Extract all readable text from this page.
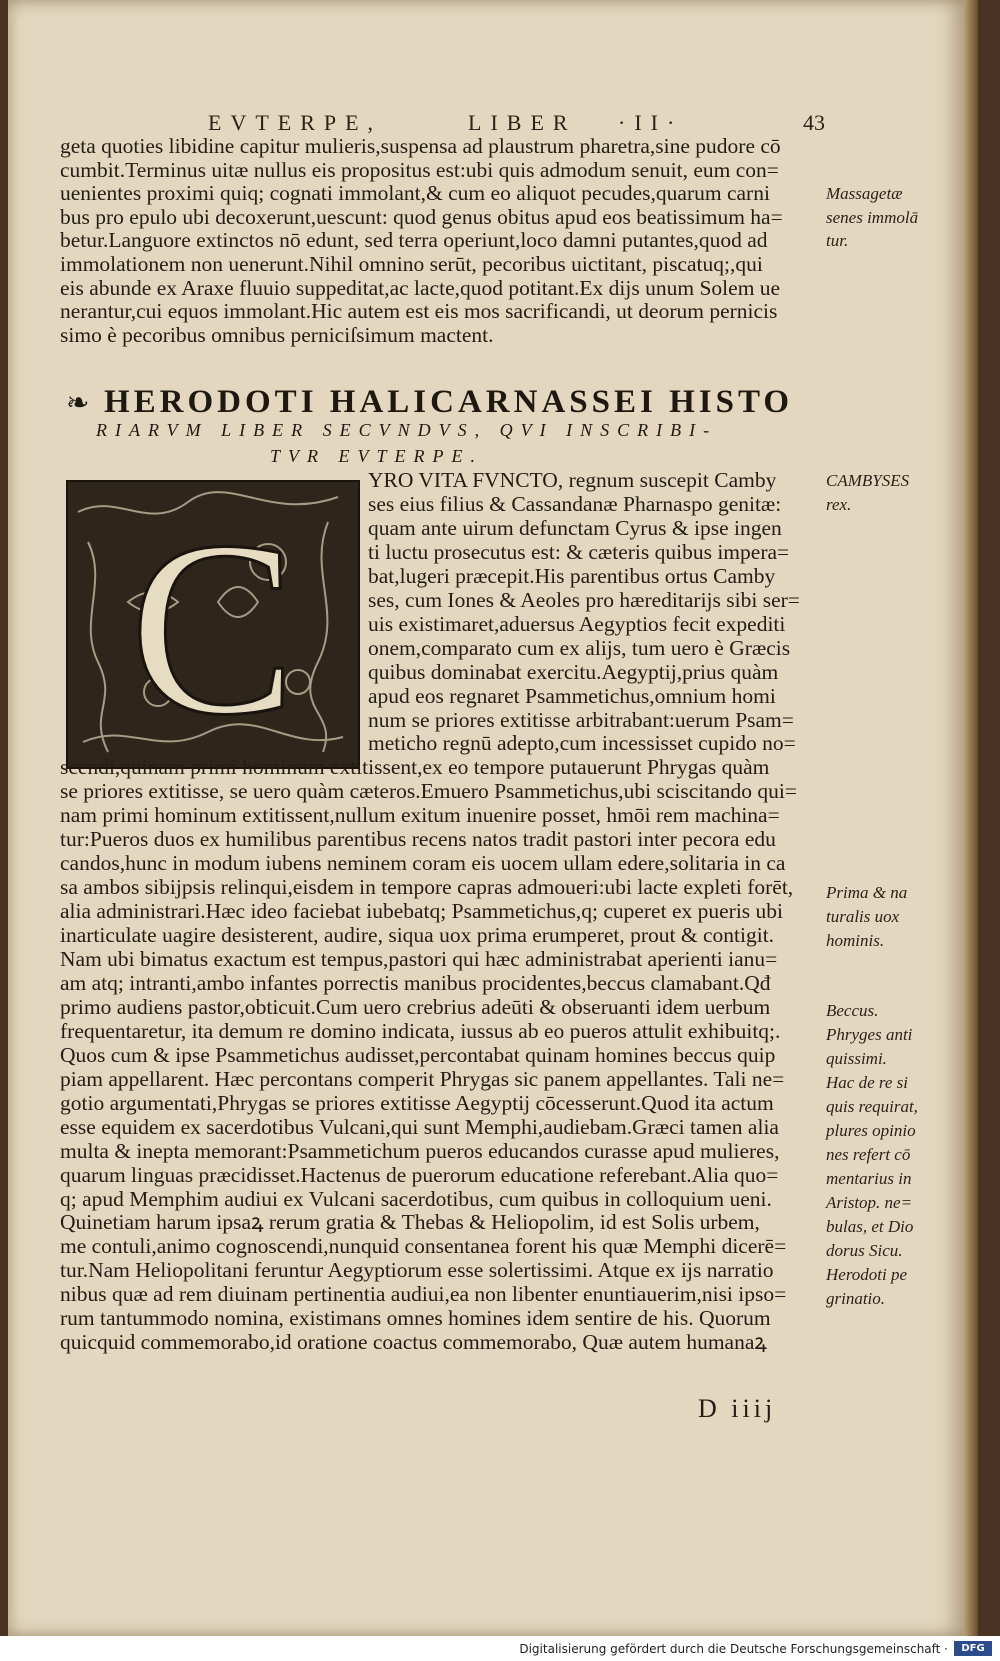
EVTERPE,	LIBER ·II·	43
geta quoties libidine capitur mulieris,suspensa ad plaustrum pharetra,sine pudore cō
cumbit.Terminus uitæ nullus eis propositus est:ubi quis admodum senuit, eum con=
uenientes proximi quiq; cognati immolant,& cum eo aliquot pecudes,quarum carni
bus pro epulo ubi decoxerunt,uescunt: quod genus obitus apud eos beatissimum ha=
betur.Languore extinctos nō edunt, sed terra operiunt,loco damni putantes,quod ad
immolationem non uenerunt.Nihil omnino serūt, pecoribus uictitant, piscatuq;,qui
eis abunde ex Araxe fluuio suppeditat,ac lacte,quod potitant.Ex dijs unum Solem ue
nerantur,cui equos immolant.Hic autem est eis mos sacrificandi, ut deorum pernicis
simo è pecoribus omnibus perniciſsimum mactent.
Massagetæ
senes immolā
tur.
❧ HERODOTI HALICARNASSEI HISTO
RIARVM LIBER SECVNDVS, QVI INSCRIBI-
TVR EVTERPE.
C
YRO VITA FVNCTO, regnum suscepit Camby
ses eius filius & Cassandanæ Pharnaspo genitæ:
quam ante uirum defunctam Cyrus & ipse ingen
ti luctu prosecutus est: & cæteris quibus impera=
bat,lugeri præcepit.His parentibus ortus Camby
ses, cum Iones & Aeoles pro hæreditarijs sibi ser=
uis existimaret,aduersus Aegyptios fecit expediti
onem,comparato cum ex alijs, tum uero è Græcis
quibus dominabat exercitu.Aegyptij,prius quàm
apud eos regnaret Psammetichus,omnium homi
num se priores extitisse arbitrabant:uerum Psam=
metichο regnū adepto,cum incessisset cupido no=
scendi,quinam primi hominum extitissent,ex eo tempore putauerunt Phrygas quàm
se priores extitisse, se uero quàm cæteros.Emuero Psammetichus,ubi sciscitando qui=
nam primi hominum extitissent,nullum exitum inuenire posset, hmōi rem machina=
tur:Pueros duos ex humilibus parentibus recens natos tradit pastori inter pecora edu
candos,hunc in modum iubens neminem coram eis uocem ullam edere,solitaria in ca
sa ambos sibijpsis relinqui,eisdem in tempore capras admoueri:ubi lacte expleti forēt,
alia administrari.Hæc ideo faciebat iubebatq; Psammetichus,q; cuperet ex pueris ubi
inarticulate uagire desisterent, audire, siqua uox prima erumperet, prout & contigit.
Nam ubi bimatus exactum est tempus,pastori qui hæc administrabat aperienti ianu=
am atq; intranti,ambo infantes porrectis manibus procidentes,beccus clamabant.Qđ
primo audiens pastor,obticuit.Cum uero crebrius adeūti & obseruanti idem uerbum
frequentaretur, ita demum re domino indicata, iussus ab eo pueros attulit exhibuitq;.
Quos cum & ipse Psammetichus audisset,percontabat quinam homines beccus quip
piam appellarent. Hæc percontans comperit Phrygas sic panem appellantes. Tali ne=
gotio argumentati,Phrygas se priores extitisse Aegyptij cōcesserunt.Quod ita actum
esse equidem ex sacerdotibus Vulcani,qui sunt Memphi,audiebam.Græci tamen alia
multa & inepta memorant:Psammetichum pueros educandos curasse apud mulieres,
quarum linguas præcidisset.Hactenus de puerorum educatione referebant.Alia quo=
q; apud Memphim audiui ex Vulcani sacerdotibus, cum quibus in colloquium ueni.
Quinetiam harum ipsaꝝ rerum gratia & Thebas & Heliopolim, id est Solis urbem,
me contuli,animo cognoscendi,nunquid consentanea forent his quæ Memphi dicerē=
tur.Nam Heliopolitani feruntur Aegyptiorum esse solertissimi. Atque ex ijs narratio
nibus quæ ad rem diuinam pertinentia audiui,ea non libenter enuntiauerim,nisi ipso=
rum tantummodo nomina, existimans omnes homines idem sentire de his. Quorum
quicquid commemorabo,id oratione coactus commemorabo, Quæ autem humanaꝝ
CAMBYSES
rex.
Prima & na
turalis uox
hominis.
Beccus.
Phryges anti
quissimi.
Hac de re si
quis requirat,
plures opinio
nes refert cō
mentarius in
Aristop. ne=
bulas, et Dio
dorus Sicu.
Herodoti pe
grinatio.
D iiij
Digitalisierung gefördert durch die Deutsche Forschungsgemeinschaft ·	DFG
